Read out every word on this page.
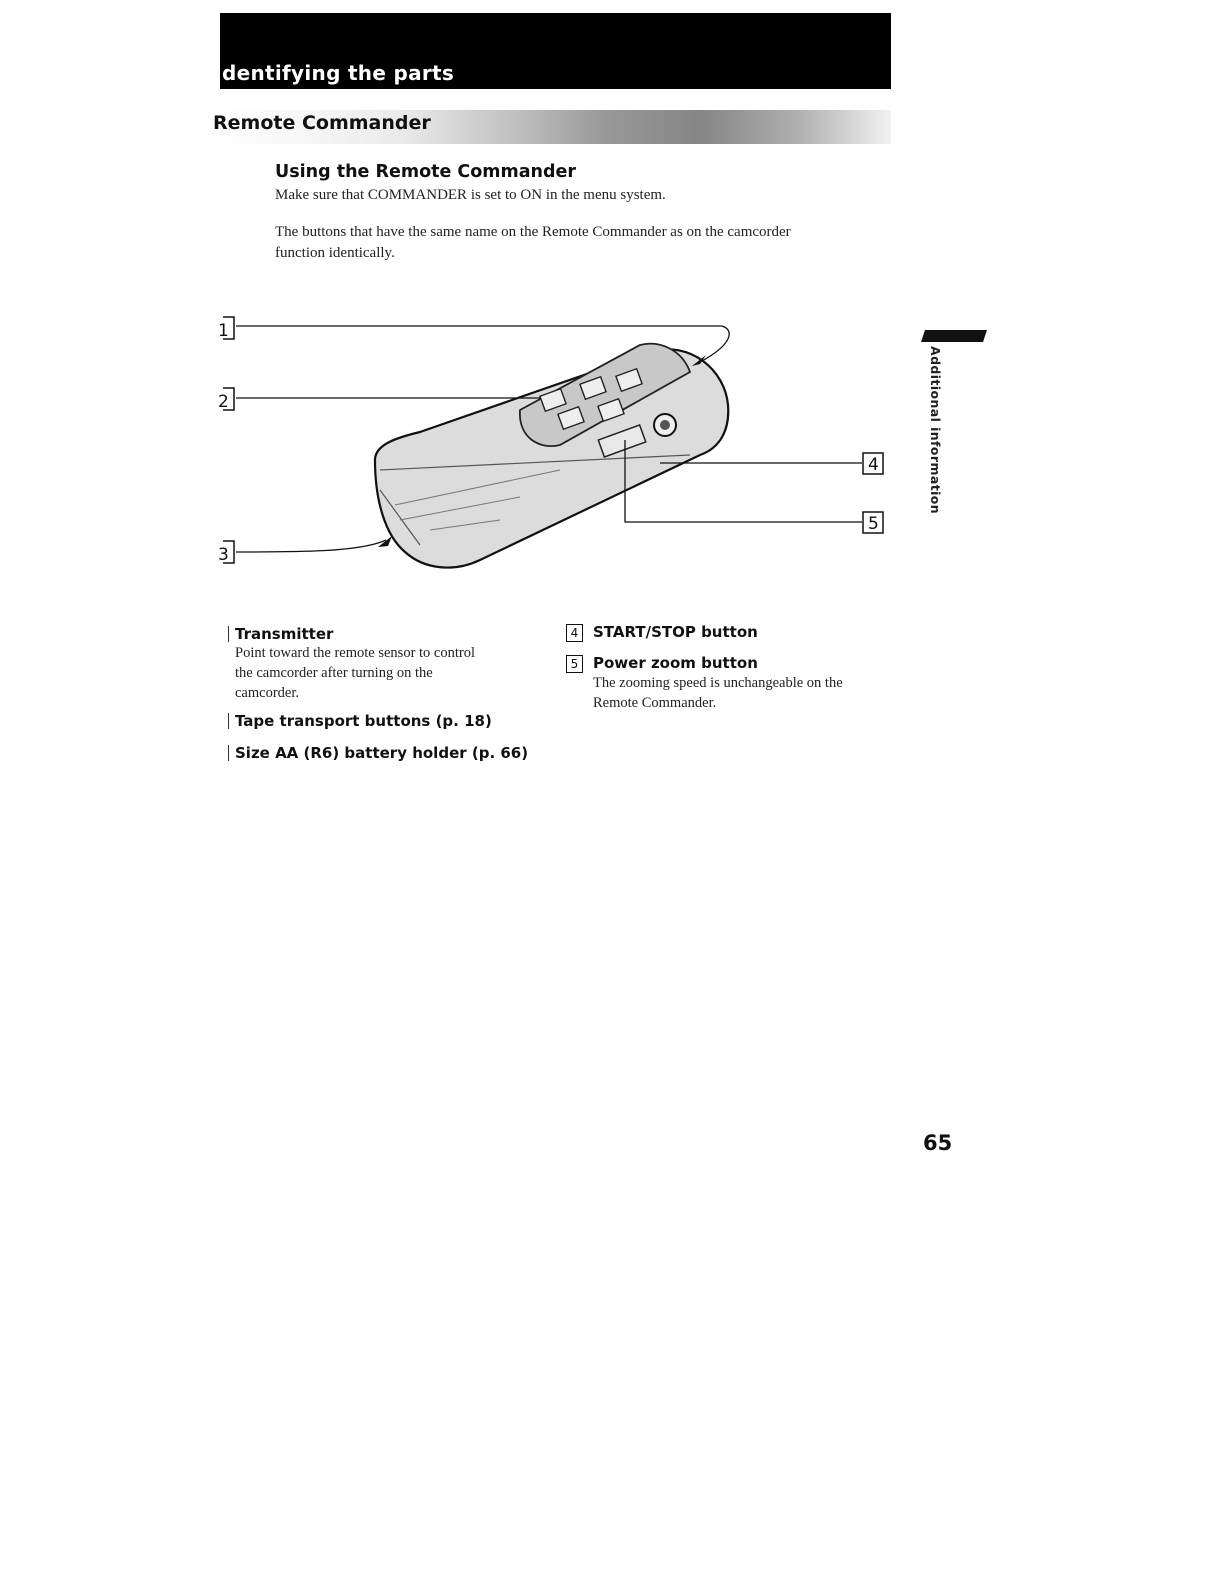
dentifying the parts
Remote Commander
Using the Remote Commander

Make sure that COMMANDER is set to ON in the menu system.

The buttons that have the same name on the Remote Commander as on the camcorder

function identically.

1
2
3
4
5

Additional information

Transmitter

Point toward the remote sensor to control

the camcorder after turning on the

camcorder.

Tape transport buttons (p. 18)

Size AA (R6) battery holder (p. 66)

4 START/STOP button

5 Power zoom button

The zooming speed is unchangeable on the

Remote Commander.

65
